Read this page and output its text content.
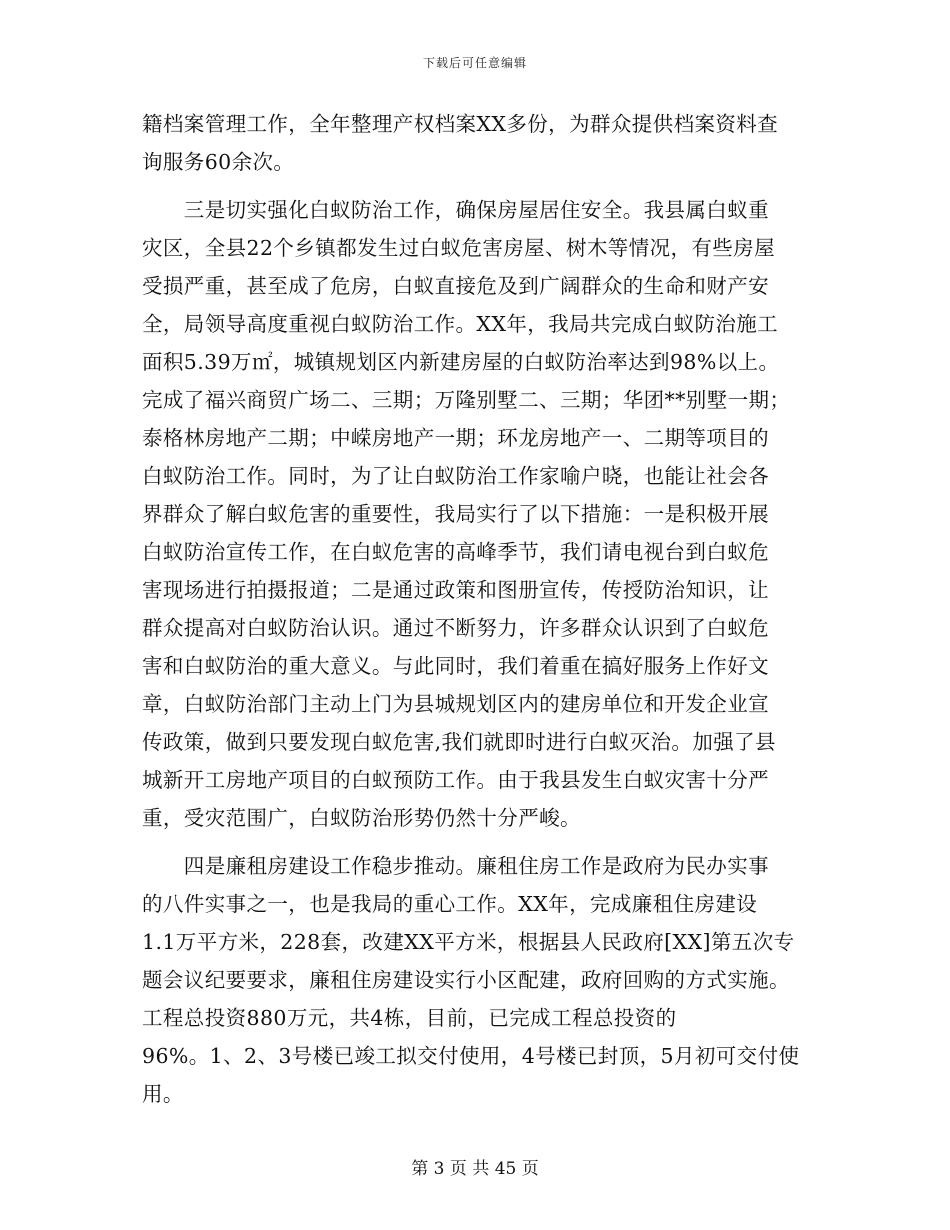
下载后可任意编辑
籍档案管理工作，全年整理产权档案XX多份，为群众提供档案资料查
询服务60余次。
　　三是切实强化白蚁防治工作，确保房屋居住安全。我县属白蚁重
灾区，全县22个乡镇都发生过白蚁危害房屋、树木等情况，有些房屋
受损严重，甚至成了危房，白蚁直接危及到广阔群众的生命和财产安
全，局领导高度重视白蚁防治工作。XX年，我局共完成白蚁防治施工
面积5.39万㎡，城镇规划区内新建房屋的白蚁防治率达到98%以上。
完成了福兴商贸广场二、三期；万隆别墅二、三期；华团**别墅一期；
泰格林房地产二期；中嵘房地产一期；环龙房地产一、二期等项目的
白蚁防治工作。同时，为了让白蚁防治工作家喻户晓，也能让社会各
界群众了解白蚁危害的重要性，我局实行了以下措施：一是积极开展
白蚁防治宣传工作，在白蚁危害的高峰季节，我们请电视台到白蚁危
害现场进行拍摄报道；二是通过政策和图册宣传，传授防治知识，让
群众提高对白蚁防治认识。通过不断努力，许多群众认识到了白蚁危
害和白蚁防治的重大意义。与此同时，我们着重在搞好服务上作好文
章，白蚁防治部门主动上门为县城规划区内的建房单位和开发企业宣
传政策，做到只要发现白蚁危害,我们就即时进行白蚁灭治。加强了县
城新开工房地产项目的白蚁预防工作。由于我县发生白蚁灾害十分严
重，受灾范围广，白蚁防治形势仍然十分严峻。
　　四是廉租房建设工作稳步推动。廉租住房工作是政府为民办实事
的八件实事之一，也是我局的重心工作。XX年，完成廉租住房建设
1.1万平方米，228套，改建XX平方米，根据县人民政府[XX]第五次专
题会议纪要要求，廉租住房建设实行小区配建，政府回购的方式实施。
工程总投资880万元，共4栋，目前，已完成工程总投资的
96%。1、2、3号楼已竣工拟交付使用，4号楼已封顶，5月初可交付使
用。
第 3 页 共 45 页
